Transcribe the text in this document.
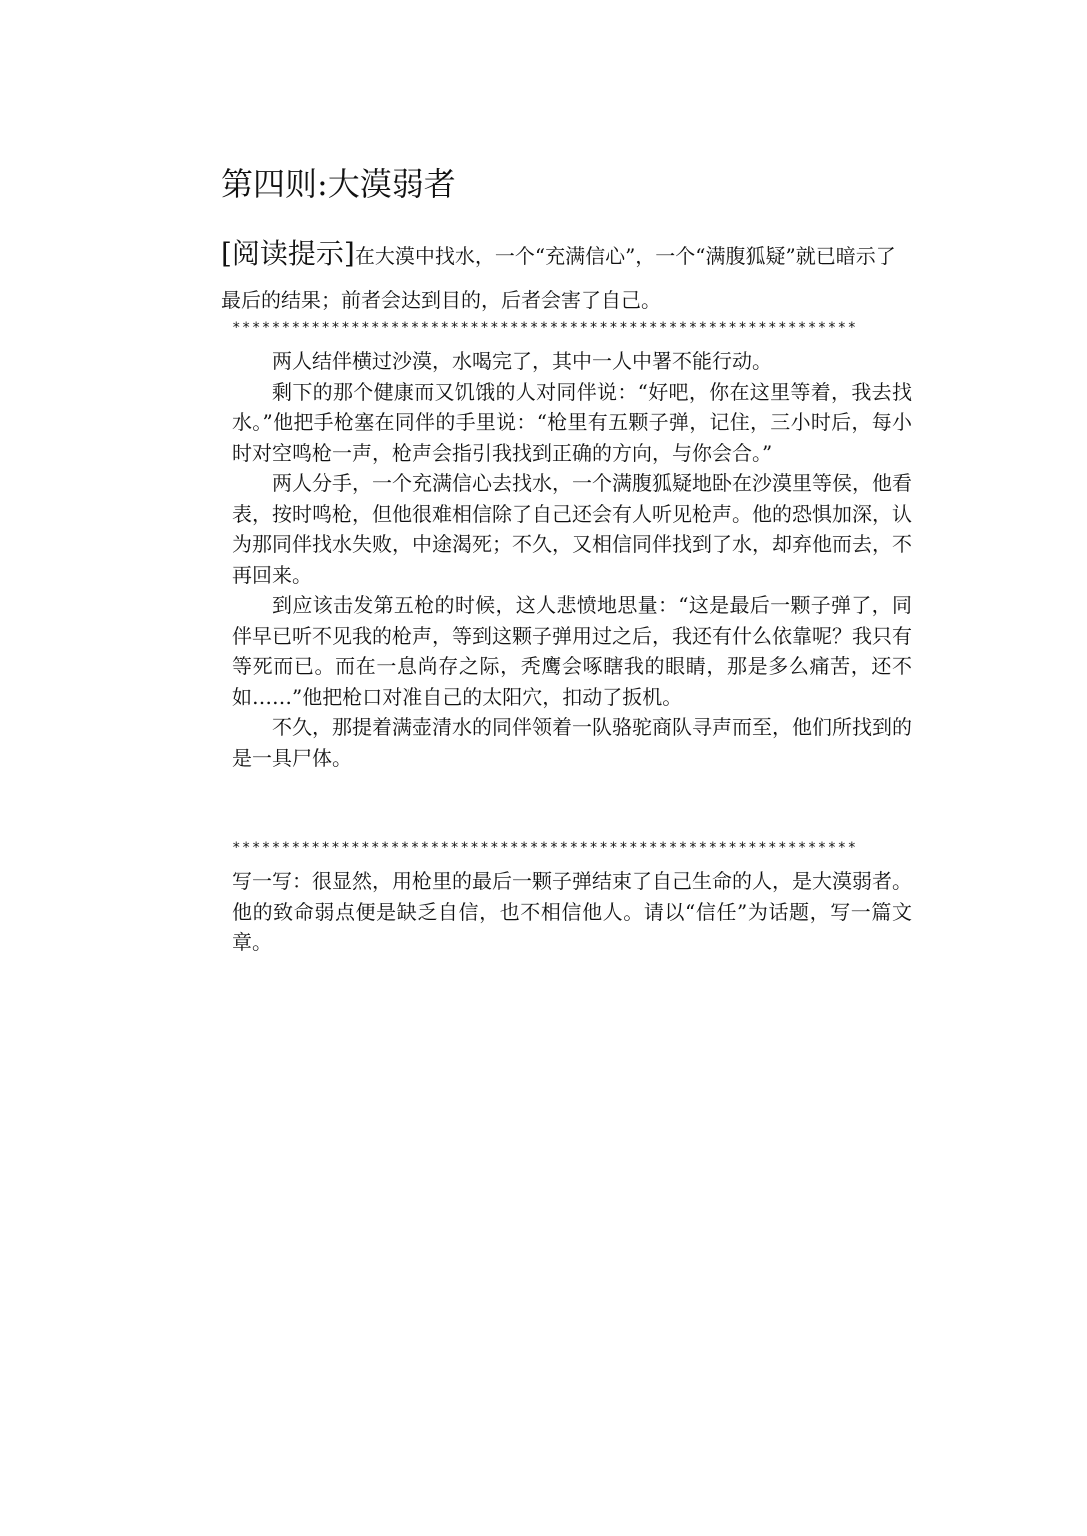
第四则:大漠弱者
[阅读提示]在大漠中找水，一个“充满信心”，一个“满腹狐疑”就已暗示了最后的结果；前者会达到目的，后者会害了自己。
***************************************************************

两人结伴横过沙漠，水喝完了，其中一人中署不能行动。

剩下的那个健康而又饥饿的人对同伴说：“好吧，你在这里等着，我去找水。”他把手枪塞在同伴的手里说：“枪里有五颗子弹，记住，三小时后，每小时对空鸣枪一声，枪声会指引我找到正确的方向，与你会合。”

两人分手，一个充满信心去找水，一个满腹狐疑地卧在沙漠里等侯，他看表，按时鸣枪，但他很难相信除了自己还会有人听见枪声。他的恐惧加深，认为那同伴找水失败，中途渴死；不久，又相信同伴找到了水，却弃他而去，不再回来。

到应该击发第五枪的时候，这人悲愤地思量：“这是最后一颗子弹了，同伴早已听不见我的枪声，等到这颗子弹用过之后，我还有什么依靠呢？我只有等死而已。而在一息尚存之际，秃鹰会啄瞎我的眼睛，那是多么痛苦，还不如……”他把枪口对准自己的太阳穴，扣动了扳机。

不久，那提着满壶清水的同伴领着一队骆驼商队寻声而至，他们所找到的是一具尸体。

***************************************************************

写一写：很显然，用枪里的最后一颗子弹结束了自己生命的人，是大漠弱者。他的致命弱点便是缺乏自信，也不相信他人。请以“信任”为话题，写一篇文章。
